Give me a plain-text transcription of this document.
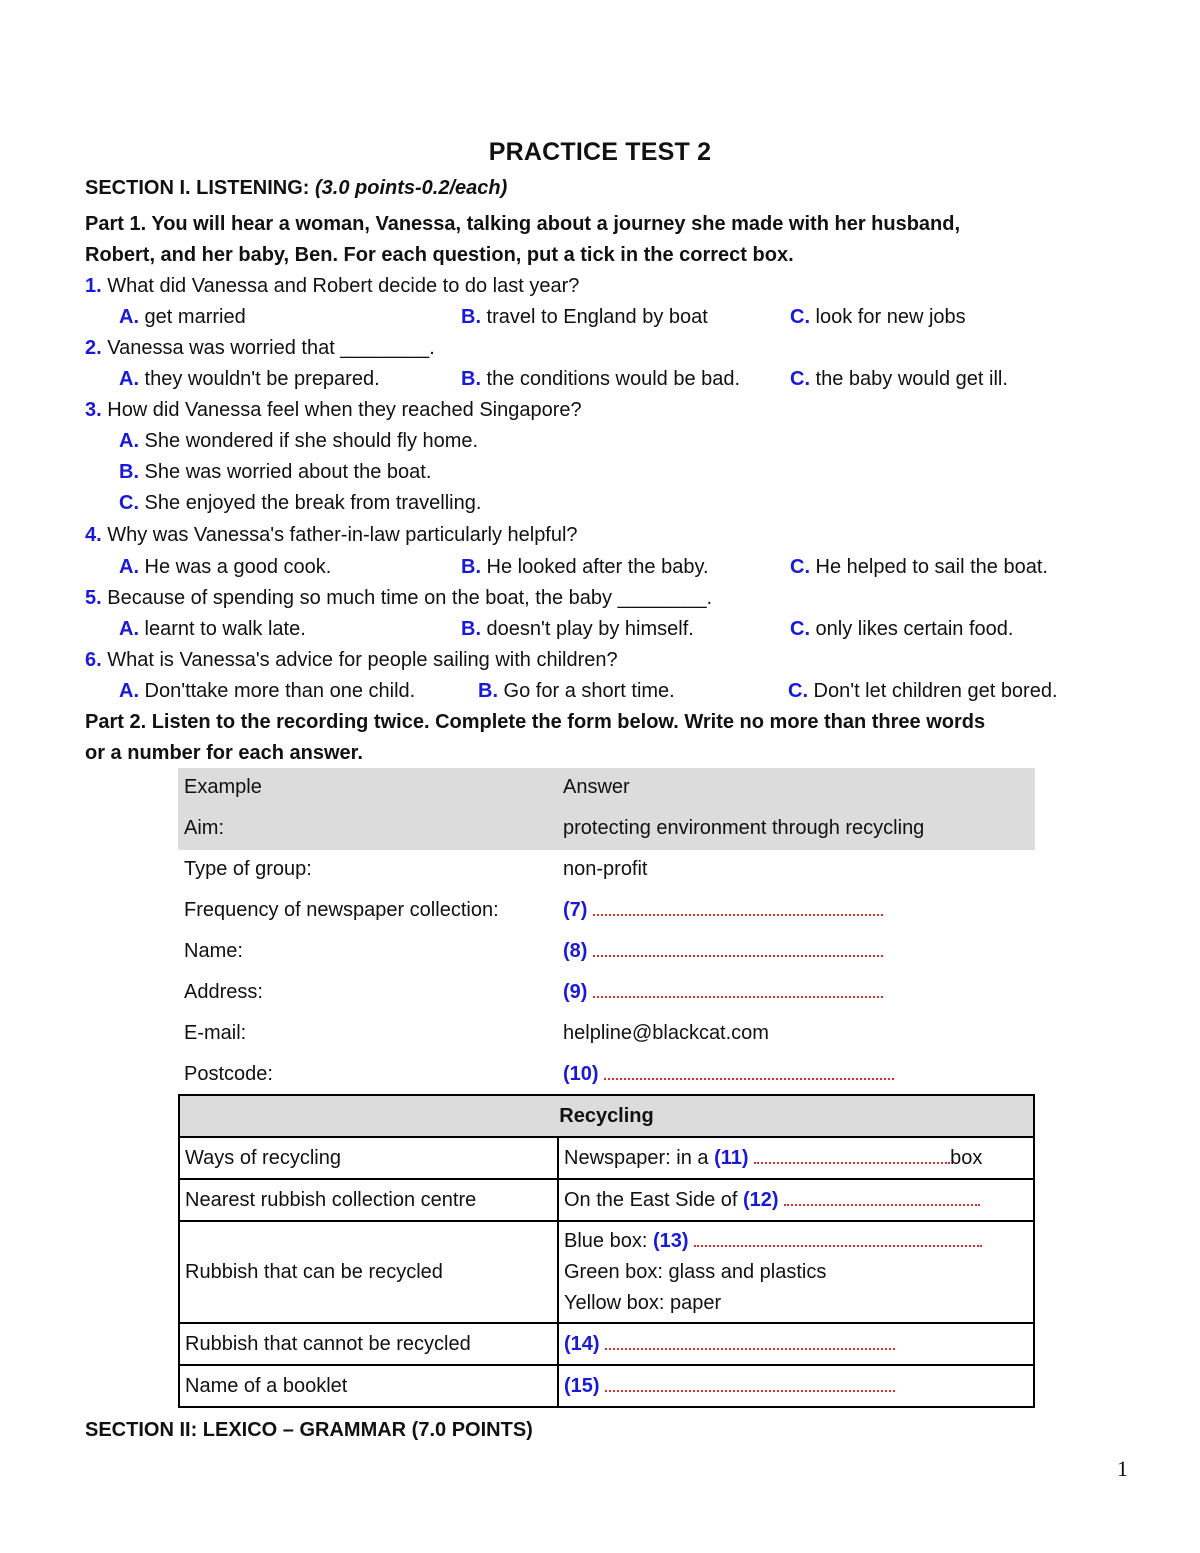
PRACTICE TEST 2
SECTION I. LISTENING: (3.0 points-0.2/each)
Part 1. You will hear a woman, Vanessa, talking about a journey she made with her husband,
Robert, and her baby, Ben. For each question, put a tick in the correct box.
1. What did Vanessa and Robert decide to do last year?
A. get married	B. travel to England by boat	C. look for new jobs
2. Vanessa was worried that ________.
A. they wouldn't be prepared.	B. the conditions would be bad. C. the baby would get ill.
3. How did Vanessa feel when they reached Singapore?
A. She wondered if she should fly home.
B. She was worried about the boat.
C. She enjoyed the break from travelling.
4. Why was Vanessa's father-in-law particularly helpful?
A. He was a good cook.	B. He looked after the baby.	C. He helped to sail the boat.
5. Because of spending so much time on the boat, the baby ________.
A. learnt to walk late.	B. doesn't play by himself.	C. only likes certain food.
6. What is Vanessa's advice for people sailing with children?
A. Don'ttake more than one child.	B. Go for a short time.	C. Don't let children get bored.
Part 2. Listen to the recording twice. Complete the form below. Write no more than three words
or a number for each answer.
Example	Answer
Aim:	protecting environment through recycling
Type of group:	non-profit
Frequency of newspaper collection:	(7)
Name:	(8)
Address:	(9)
E-mail:	helpline@blackcat.com
Postcode:	(10)
Recycling	
Ways of recycling	Newspaper: in a (11) box
Nearest rubbish collection centre	On the East Side of (12)
Rubbish that can be recycled	Blue box: (13)
Green box: glass and plastics
Yellow box: paper

Rubbish that cannot be recycled	(14)
Name of a booklet	(15)
SECTION II: LEXICO – GRAMMAR (7.0 POINTS)
1
